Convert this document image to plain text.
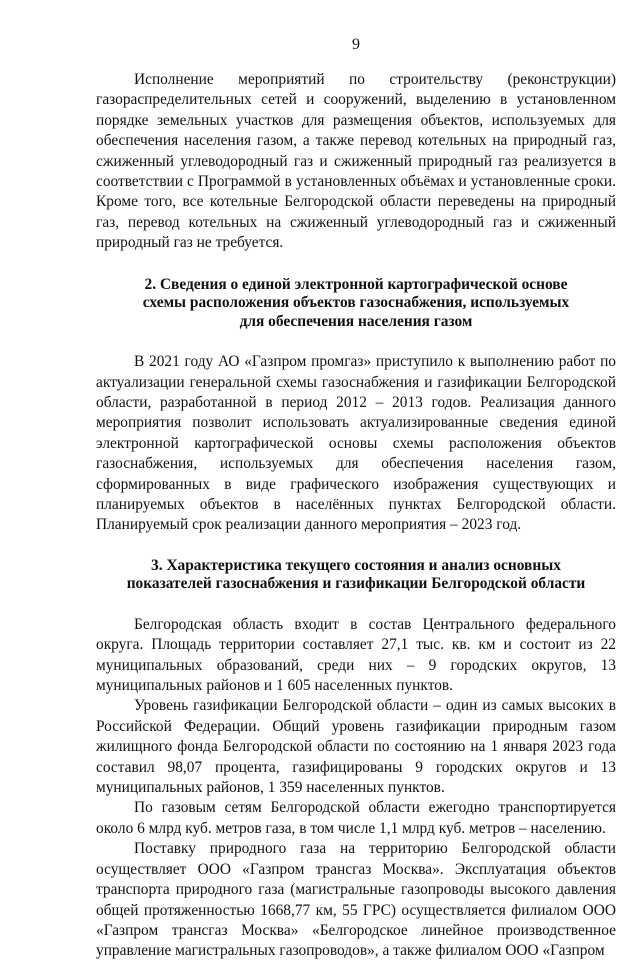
9

Исполнение мероприятий по строительству (реконструкции) газораспределительных сетей и сооружений, выделению в установленном порядке земельных участков для размещения объектов, используемых для обеспечения населения газом, а также перевод котельных на природный газ, сжиженный углеводородный газ и сжиженный природный газ реализуется в соответствии с Программой в установленных объёмах и установленные сроки. Кроме того, все котельные Белгородской области переведены на природный газ, перевод котельных на сжиженный углеводородный газ и сжиженный природный газ не требуется.

2. Сведения о единой электронной картографической основе
схемы расположения объектов газоснабжения, используемых
для обеспечения населения газом

В 2021 году АО «Газпром промгаз» приступило к выполнению работ по актуализации генеральной схемы газоснабжения и газификации Белгородской области, разработанной в период 2012 – 2013 годов. Реализация данного мероприятия позволит использовать актуализированные сведения единой электронной картографической основы схемы расположения объектов газоснабжения, используемых для обеспечения населения газом, сформированных в виде графического изображения существующих и планируемых объектов в населённых пунктах Белгородской области. Планируемый срок реализации данного мероприятия – 2023 год.

3. Характеристика текущего состояния и анализ основных
показателей газоснабжения и газификации Белгородской области

Белгородская область входит в состав Центрального федерального округа. Площадь территории составляет 27,1 тыс. кв. км и состоит из 22 муниципальных образований, среди них – 9 городских округов, 13 муниципальных районов и 1 605 населенных пунктов.

Уровень газификации Белгородской области – один из самых высоких в Российской Федерации. Общий уровень газификации природным газом жилищного фонда Белгородской области по состоянию на 1 января 2023 года составил 98,07 процента, газифицированы 9 городских округов и 13 муниципальных районов, 1 359 населенных пунктов.

По газовым сетям Белгородской области ежегодно транспортируется около 6 млрд куб. метров газа, в том числе 1,1 млрд куб. метров – населению.

Поставку природного газа на территорию Белгородской области осуществляет ООО «Газпром трансгаз Москва». Эксплуатация объектов транспорта природного газа (магистральные газопроводы высокого давления общей протяженностью 1668,77 км, 55 ГРС) осуществляется филиалом ООО «Газпром трансгаз Москва» «Белгородское линейное производственное управление магистральных газопроводов», а также филиалом ООО «Газпром
